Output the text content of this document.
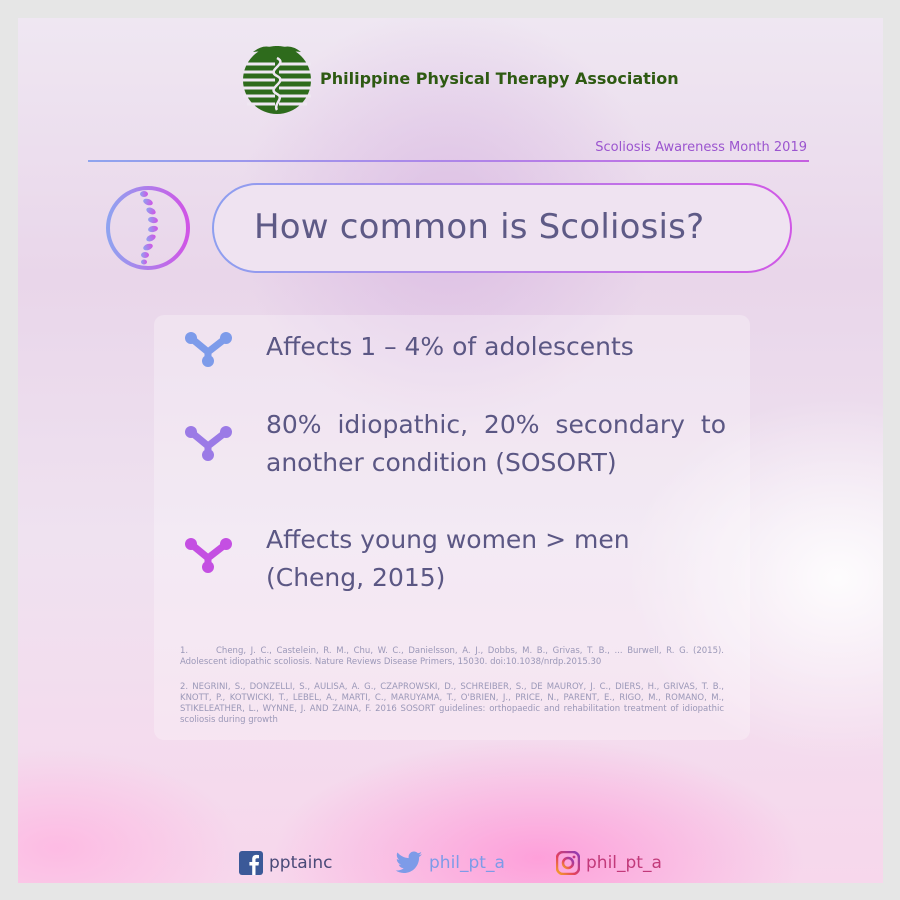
Philippine Physical Therapy Association
Scoliosis Awareness Month 2019
How common is Scoliosis?
Affects 1 – 4% of adolescents
80% idiopathic, 20% secondary to another condition (SOSORT)
Affects young women > men (Cheng, 2015)
1.	Cheng, J. C., Castelein, R. M., Chu, W. C., Danielsson, A. J., Dobbs, M. B., Grivas, T. B., ... Burwell, R. G. (2015). Adolescent idiopathic scoliosis. Nature Reviews Disease Primers, 15030. doi:10.1038/nrdp.2015.30
2. NEGRINI, S., DONZELLI, S., AULISA, A. G., CZAPROWSKI, D., SCHREIBER, S., DE MAUROY, J. C., DIERS, H., GRIVAS, T. B., KNOTT, P., KOTWICKI, T., LEBEL, A., MARTI, C., MARUYAMA, T., O'BRIEN, J., PRICE, N., PARENT, E., RIGO, M., ROMANO, M., STIKELEATHER, L., WYNNE, J. AND ZAINA, F. 2016 SOSORT guidelines: orthopaedic and rehabilitation treatment of idiopathic scoliosis during growth
pptainc	phil_pt_a	phil_pt_a
